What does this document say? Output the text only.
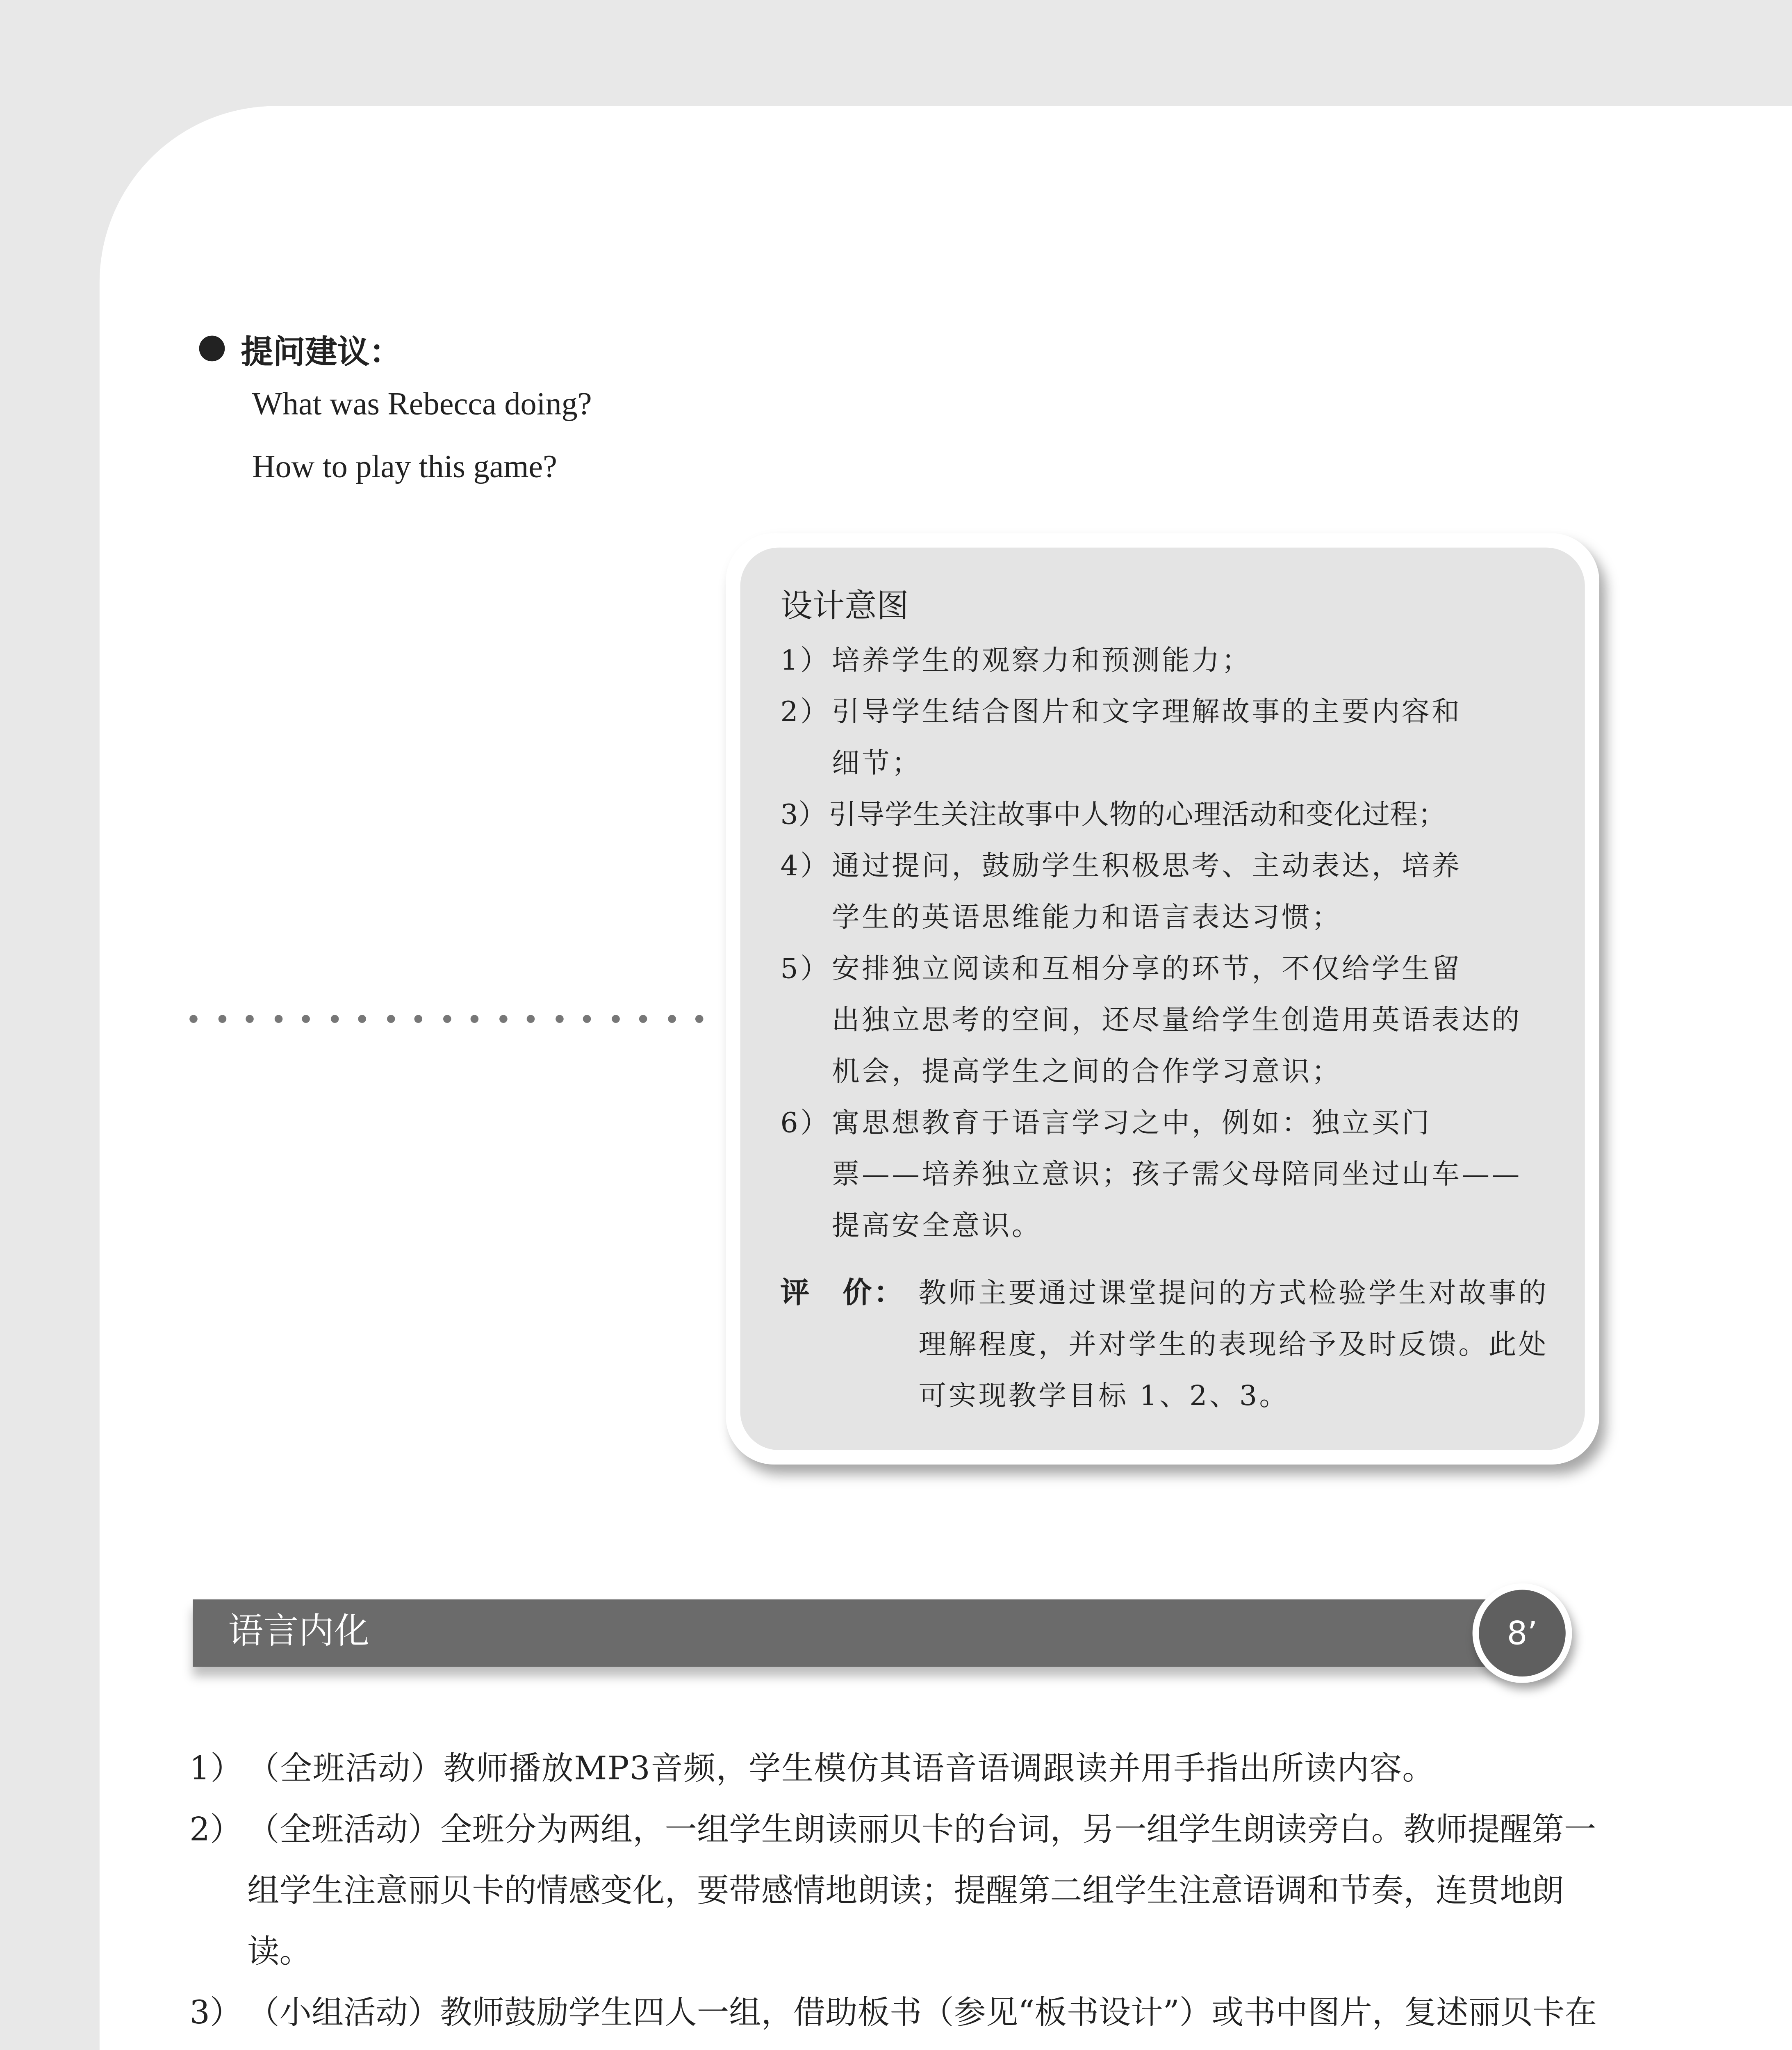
提问建议：
What was Rebecca doing?
How to play this game?
设计意图
1） 培养学生的观察力和预测能力；
2） 引导学生结合图片和文字理解故事的主要内容和
细节；
3） 引导学生关注故事中人物的心理活动和变化过程；
4） 通过提问，鼓励学生积极思考、主动表达，培养
学生的英语思维能力和语言表达习惯；
5） 安排独立阅读和互相分享的环节，不仅给学生留
出独立思考的空间，还尽量给学生创造用英语表达的机会，提高学生之间的合作学习意识；
6） 寓思想教育于语言学习之中，例如：独立买门
票——培养独立意识；孩子需父母陪同坐过山车——提高安全意识。
评　价：	教师主要通过课堂提问的方式检验学生对故事的理解程度，并对学生的表现给予及时反馈。此处可实现教学目标 1、2、3。
语言内化	8’
1） （全班活动）教师播放MP3音频，学生模仿其语音语调跟读并用手指出所读内容。
2） （全班活动）全班分为两组，一组学生朗读丽贝卡的台词，另一组学生朗读旁白。教师提醒第一组学生注意丽贝卡的情感变化，要带感情地朗读；提醒第二组学生注意语调和节奏，连贯地朗读。
3） （小组活动）教师鼓励学生四人一组，借助板书（参见“板书设计”）或书中图片，复述丽贝卡在
